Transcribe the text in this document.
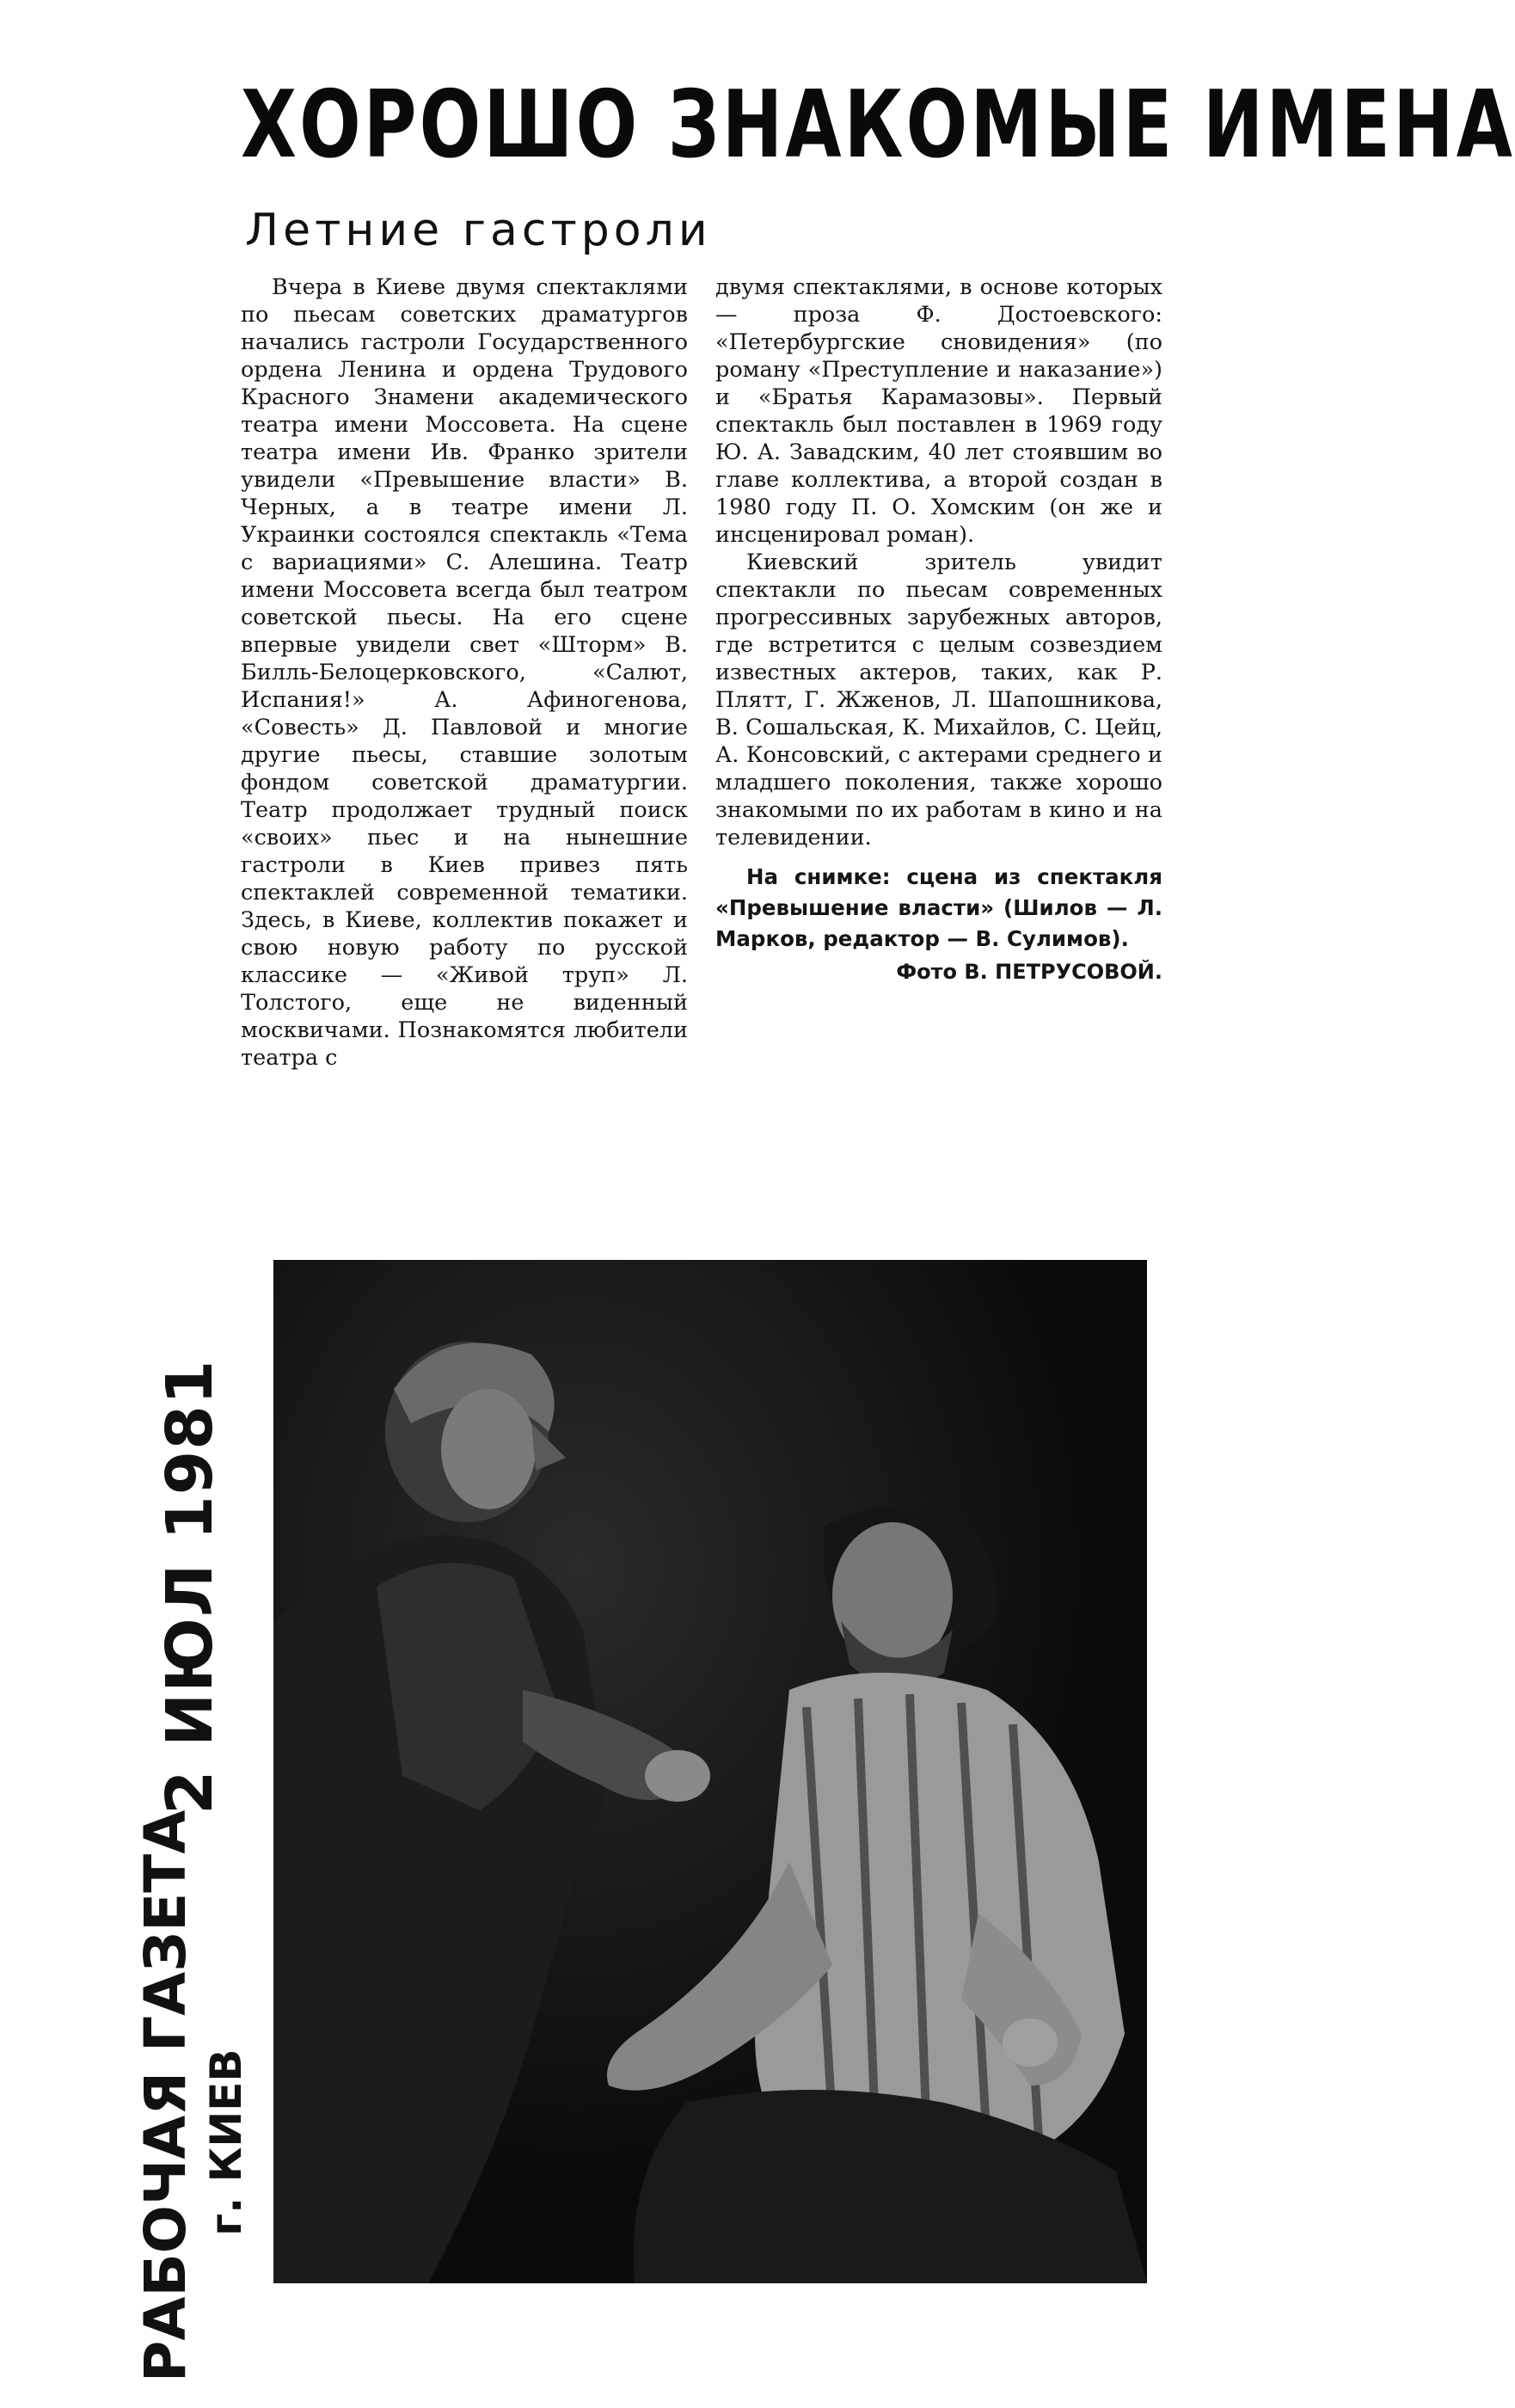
ХОРОШО ЗНАКОМЫЕ ИМЕНА
Летние гастроли

Вчера в Киеве двумя спектаклями по пьесам советских драматургов начались гастроли Государственного ордена Ленина и ордена Трудового Красного Знамени академического театра имени Моссовета. На сцене театра имени Ив. Франко зрители увидели «Превышение власти» В. Черных, а в театре имени Л. Украинки состоялся спектакль «Тема с вариациями» С. Алешина. Театр имени Моссовета всегда был театром советской пьесы. На его сцене впервые увидели свет «Шторм» В. Билль-Белоцерковского, «Салют, Испания!» А. Афиногенова, «Совесть» Д. Павловой и многие другие пьесы, ставшие золотым фондом советской драматургии. Театр продолжает трудный поиск «своих» пьес и на нынешние гастроли в Киев привез пять спектаклей современной тематики. Здесь, в Киеве, коллектив покажет и свою новую работу по русской классике — «Живой труп» Л. Толстого, еще не виденный москвичами. Познакомятся любители театра с

двумя спектаклями, в основе которых — проза Ф. Достоевского: «Петербургские сновидения» (по роману «Преступление и наказание») и «Братья Карамазовы». Первый спектакль был поставлен в 1969 году Ю. А. Завадским, 40 лет стоявшим во главе коллектива, а второй создан в 1980 году П. О. Хомским (он же и инсценировал роман).

Киевский зритель увидит спектакли по пьесам современных прогрессивных зарубежных авторов, где встретится с целым созвездием известных актеров, таких, как Р. Плятт, Г. Жженов, Л. Шапошникова, В. Сошальская, К. Михайлов, С. Цейц, А. Консовский, с актерами среднего и младшего поколения, также хорошо знакомыми по их работам в кино и на телевидении.

На снимке: сцена из спектакля «Превышение власти» (Шилов — Л. Марков, редактор — В. Сулимов).

Фото В. ПЕТРУСОВОЙ.
2 ИЮЛ 1981
РАБОЧАЯ ГАЗЕТА г. КИЕВ
